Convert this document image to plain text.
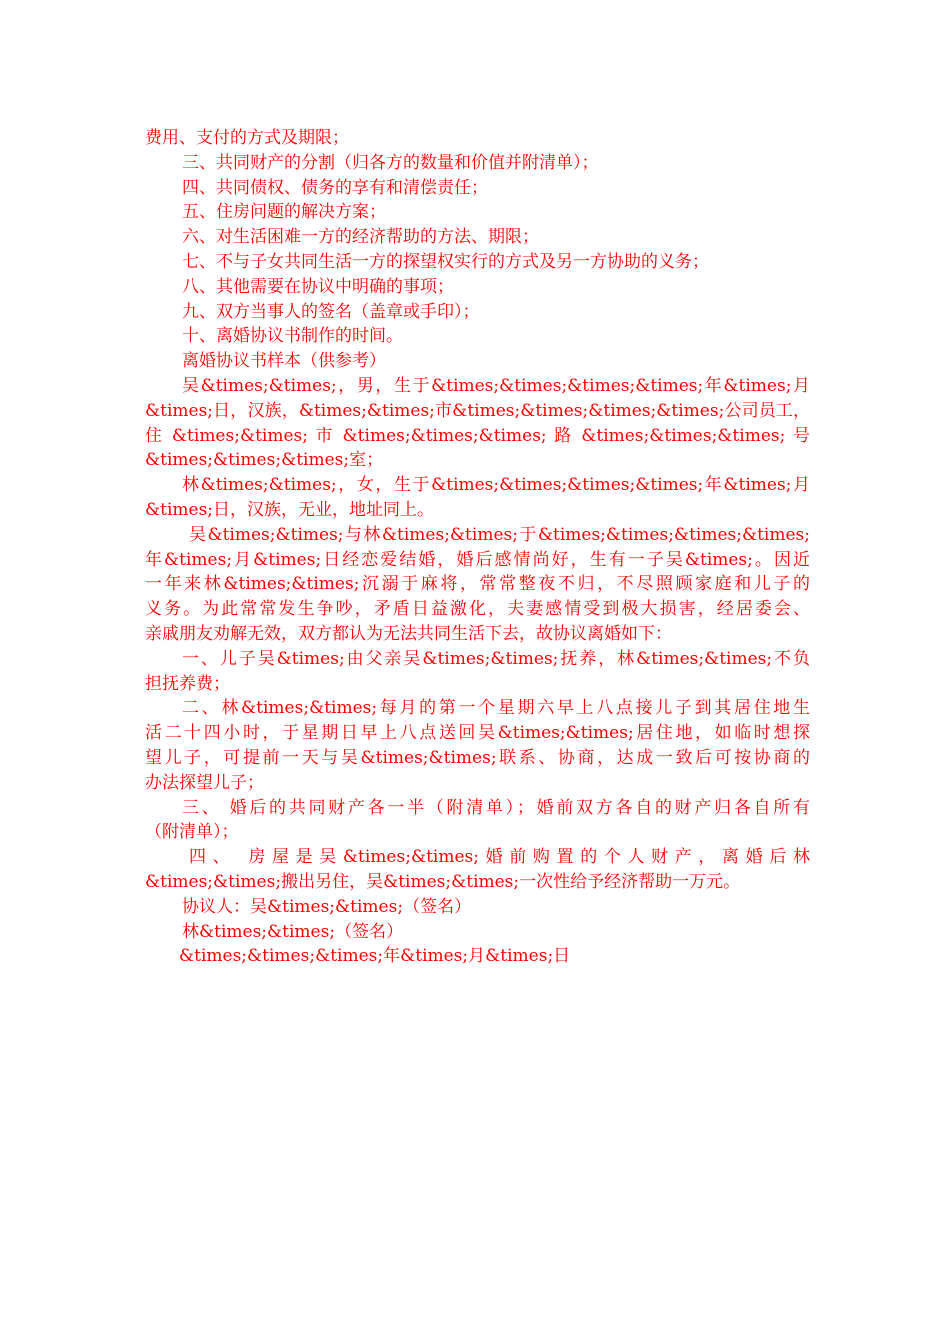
费用、支付的方式及期限；
三、共同财产的分割（归各方的数量和价值并附清单）；
四、共同债权、债务的享有和清偿责任；
五、住房问题的解决方案；
六、对生活困难一方的经济帮助的方法、期限；
七、不与子女共同生活一方的探望权实行的方式及另一方协助的义务；
八、其他需要在协议中明确的事项；
九、双方当事人的签名（盖章或手印）；
十、离婚协议书制作的时间。
离婚协议书样本（供参考）
吴&times;&times;，男，生于&times;&times;&times;&times;年&times;月
&times;日，汉族，&times;&times;市&times;&times;&times;&times;公司员工，
住 &times;&times; 市 &times;&times;&times; 路 &times;&times;&times; 号
&times;&times;&times;室；
林&times;&times;，女，生于&times;&times;&times;&times;年&times;月
&times;日，汉族，无业，地址同上。
吴&times;&times;与林&times;&times;于&times;&times;&times;&times;
年&times;月&times;日经恋爱结婚，婚后感情尚好，生有一子吴&times;。因近
一年来林&times;&times;沉溺于麻将，常常整夜不归，不尽照顾家庭和儿子的
义务。为此常常发生争吵，矛盾日益激化，夫妻感情受到极大损害，经居委会、
亲戚朋友劝解无效，双方都认为无法共同生活下去，故协议离婚如下：
一、儿子吴&times;由父亲吴&times;&times;抚养，林&times;&times;不负
担抚养费；
二、林&times;&times;每月的第一个星期六早上八点接儿子到其居住地生
活二十四小时，于星期日早上八点送回吴&times;&times;居住地，如临时想探
望儿子，可提前一天与吴&times;&times;联系、协商，达成一致后可按协商的
办法探望儿子；
三、 婚后的共同财产各一半（附清单）；婚前双方各自的财产归各自所有
（附清单）；
四、 房屋是吴&times;&times;婚前购置的个人财产，离婚后林
&times;&times;搬出另住，吴&times;&times;一次性给予经济帮助一万元。
协议人：吴&times;&times;（签名）
林&times;&times;（签名）
&times;&times;&times;年&times;月&times;日
